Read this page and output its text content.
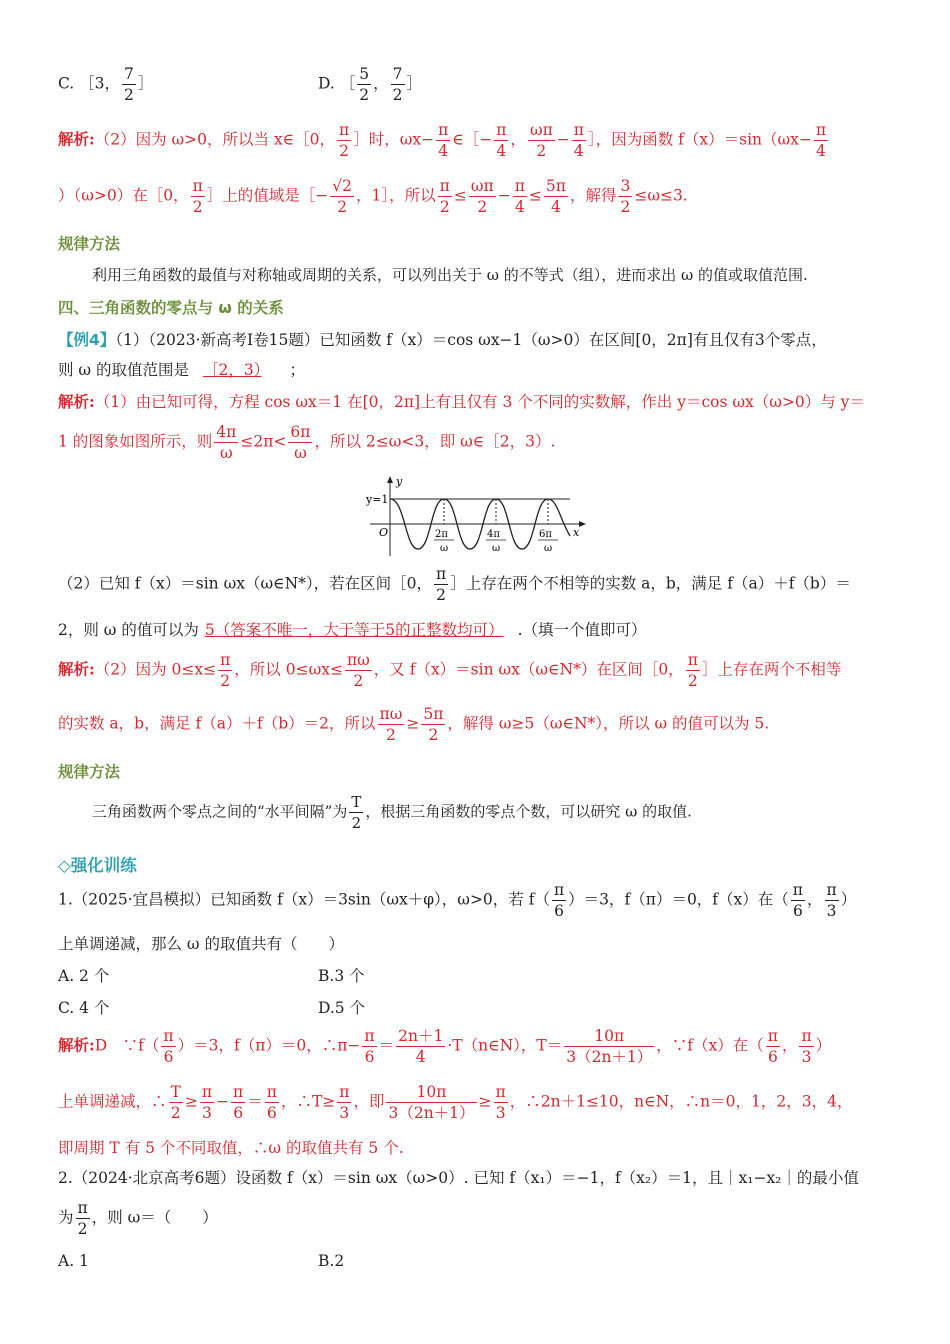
C. ［3， $\frac{7}{2}$ ］	D. ［ $\frac{5}{2}$ ， $\frac{7}{2}$ ］
解析:（2）因为 ω>0，所以当 x∈［0， $\frac{\pi}{2}$ ］时，$\omega x- \frac{\pi}{4}$ ∈［− $\frac{\pi}{4}$ ， $\frac{\omega\pi}{2} - \frac{\pi}{4}$ ］，因为函数 $f(x)=\sin(\omega x- \frac{\pi}{4}$
）（ω>0）在［0， $\frac{\pi}{2}$ ］上的值域是［− $\frac{√2}{2}$ ，1］，所以 $\frac{\pi}{2} \le \frac{\omega\pi}{2} - \frac{\pi}{4} \le \frac{5\pi}{4}$ ，解得 $\frac{3}{2} \le\omega\le 3$.
规律方法
利用三角函数的最值与对称轴或周期的关系，可以列出关于 ω 的不等式（组），进而求出 ω 的值或取值范围.
四、三角函数的零点与 ω 的关系
【例4】（1）（2023·新高考Ⅰ卷15题）已知函数 f（x）＝cos ωx−1（ω>0）在区间[0，2π]有且仅有3个零点，
则 ω 的取值范围是 ［2，3） ；
解析:（1）由已知可得，方程 cos ωx＝1 在[0，2π]上有且仅有 3 个不同的实数解，作出 y＝cos ωx（ω>0）与 y＝
1 的图象如图所示，则 $\frac{4\pi}{\omega} \le 2\pi< \frac{6\pi}{\omega}$ ，所以 2≤ω<3，即 ω∈［2，3）.
y
y=1
O	x
2π
ω
4π
ω
6π
ω
（2）已知 f（x）＝sin ωx（ω∈N*），若在区间［0， $\frac{\pi}{2}$ ］上存在两个不相等的实数 a，b，满足 f（a）＋f（b）＝
2，则 ω 的值可以为 5（答案不唯一，大于等于5的正整数均可） .（填一个值即可）
解析:（2）因为 $0\le x\le \frac{\pi}{2}$ ，所以 $0\le\omega x\le \frac{\pi\omega}{2}$ ，又 f（x）＝sin ωx（ω∈N*）在区间［0， $\frac{\pi}{2}$ ］上存在两个不相等
的实数 a，b，满足 f（a）＋f（b）＝2，所以 $\frac{\pi\omega}{2} \ge \frac{5\pi}{2}$ ，解得 ω≥5（ω∈N*），所以 ω 的值可以为 5.
规律方法
三角函数两个零点之间的“水平间隔”为 $\frac{T}{2}$ ，根据三角函数的零点个数，可以研究 ω 的取值.
◇强化训练
1.（2025·宜昌模拟）已知函数 f（x）＝3sin（ωx＋φ），ω>0，若 $f( \frac{\pi}{6} )=3$，f（π）＝0，f（x）在（ $\frac{\pi}{6}$ ， $\frac{\pi}{3}$ ）
上单调递减，那么 ω 的取值共有（　　）
A. 2 个	B.3 个
C. 4 个	D.5 个
解析:D　∵f（ $\frac{\pi}{6} )=3$，f（π）＝0，∴π− $\frac{\pi}{6} = \frac{2n+1}{4}$ ·T（n∈N），$T= \frac{10\pi}{3(2n+1)}$ ，∵f（x）在（ $\frac{\pi}{6}$ ， $\frac{\pi}{3}$ ）
上单调递减，∴ $\frac{T}{2} \ge \frac{\pi}{3} - \frac{\pi}{6} = \frac{\pi}{6}$ ，∴T≥ $\frac{\pi}{3}$ ，即 $\frac{10\pi}{3(2n+1)} \ge \frac{\pi}{3}$ ，∴2n＋1≤10，n∈N，∴n＝0，1，2，3，4，
即周期 T 有 5 个不同取值，∴ω 的取值共有 5 个.
2.（2024·北京高考6题）设函数 f（x）＝sin ωx（ω>0）. 已知 f（x₁）＝−1，f（x₂）＝1，且｜x₁−x₂｜的最小值
为 $\frac{\pi}{2}$ ，则 ω＝（　　）
A. 1	B.2
